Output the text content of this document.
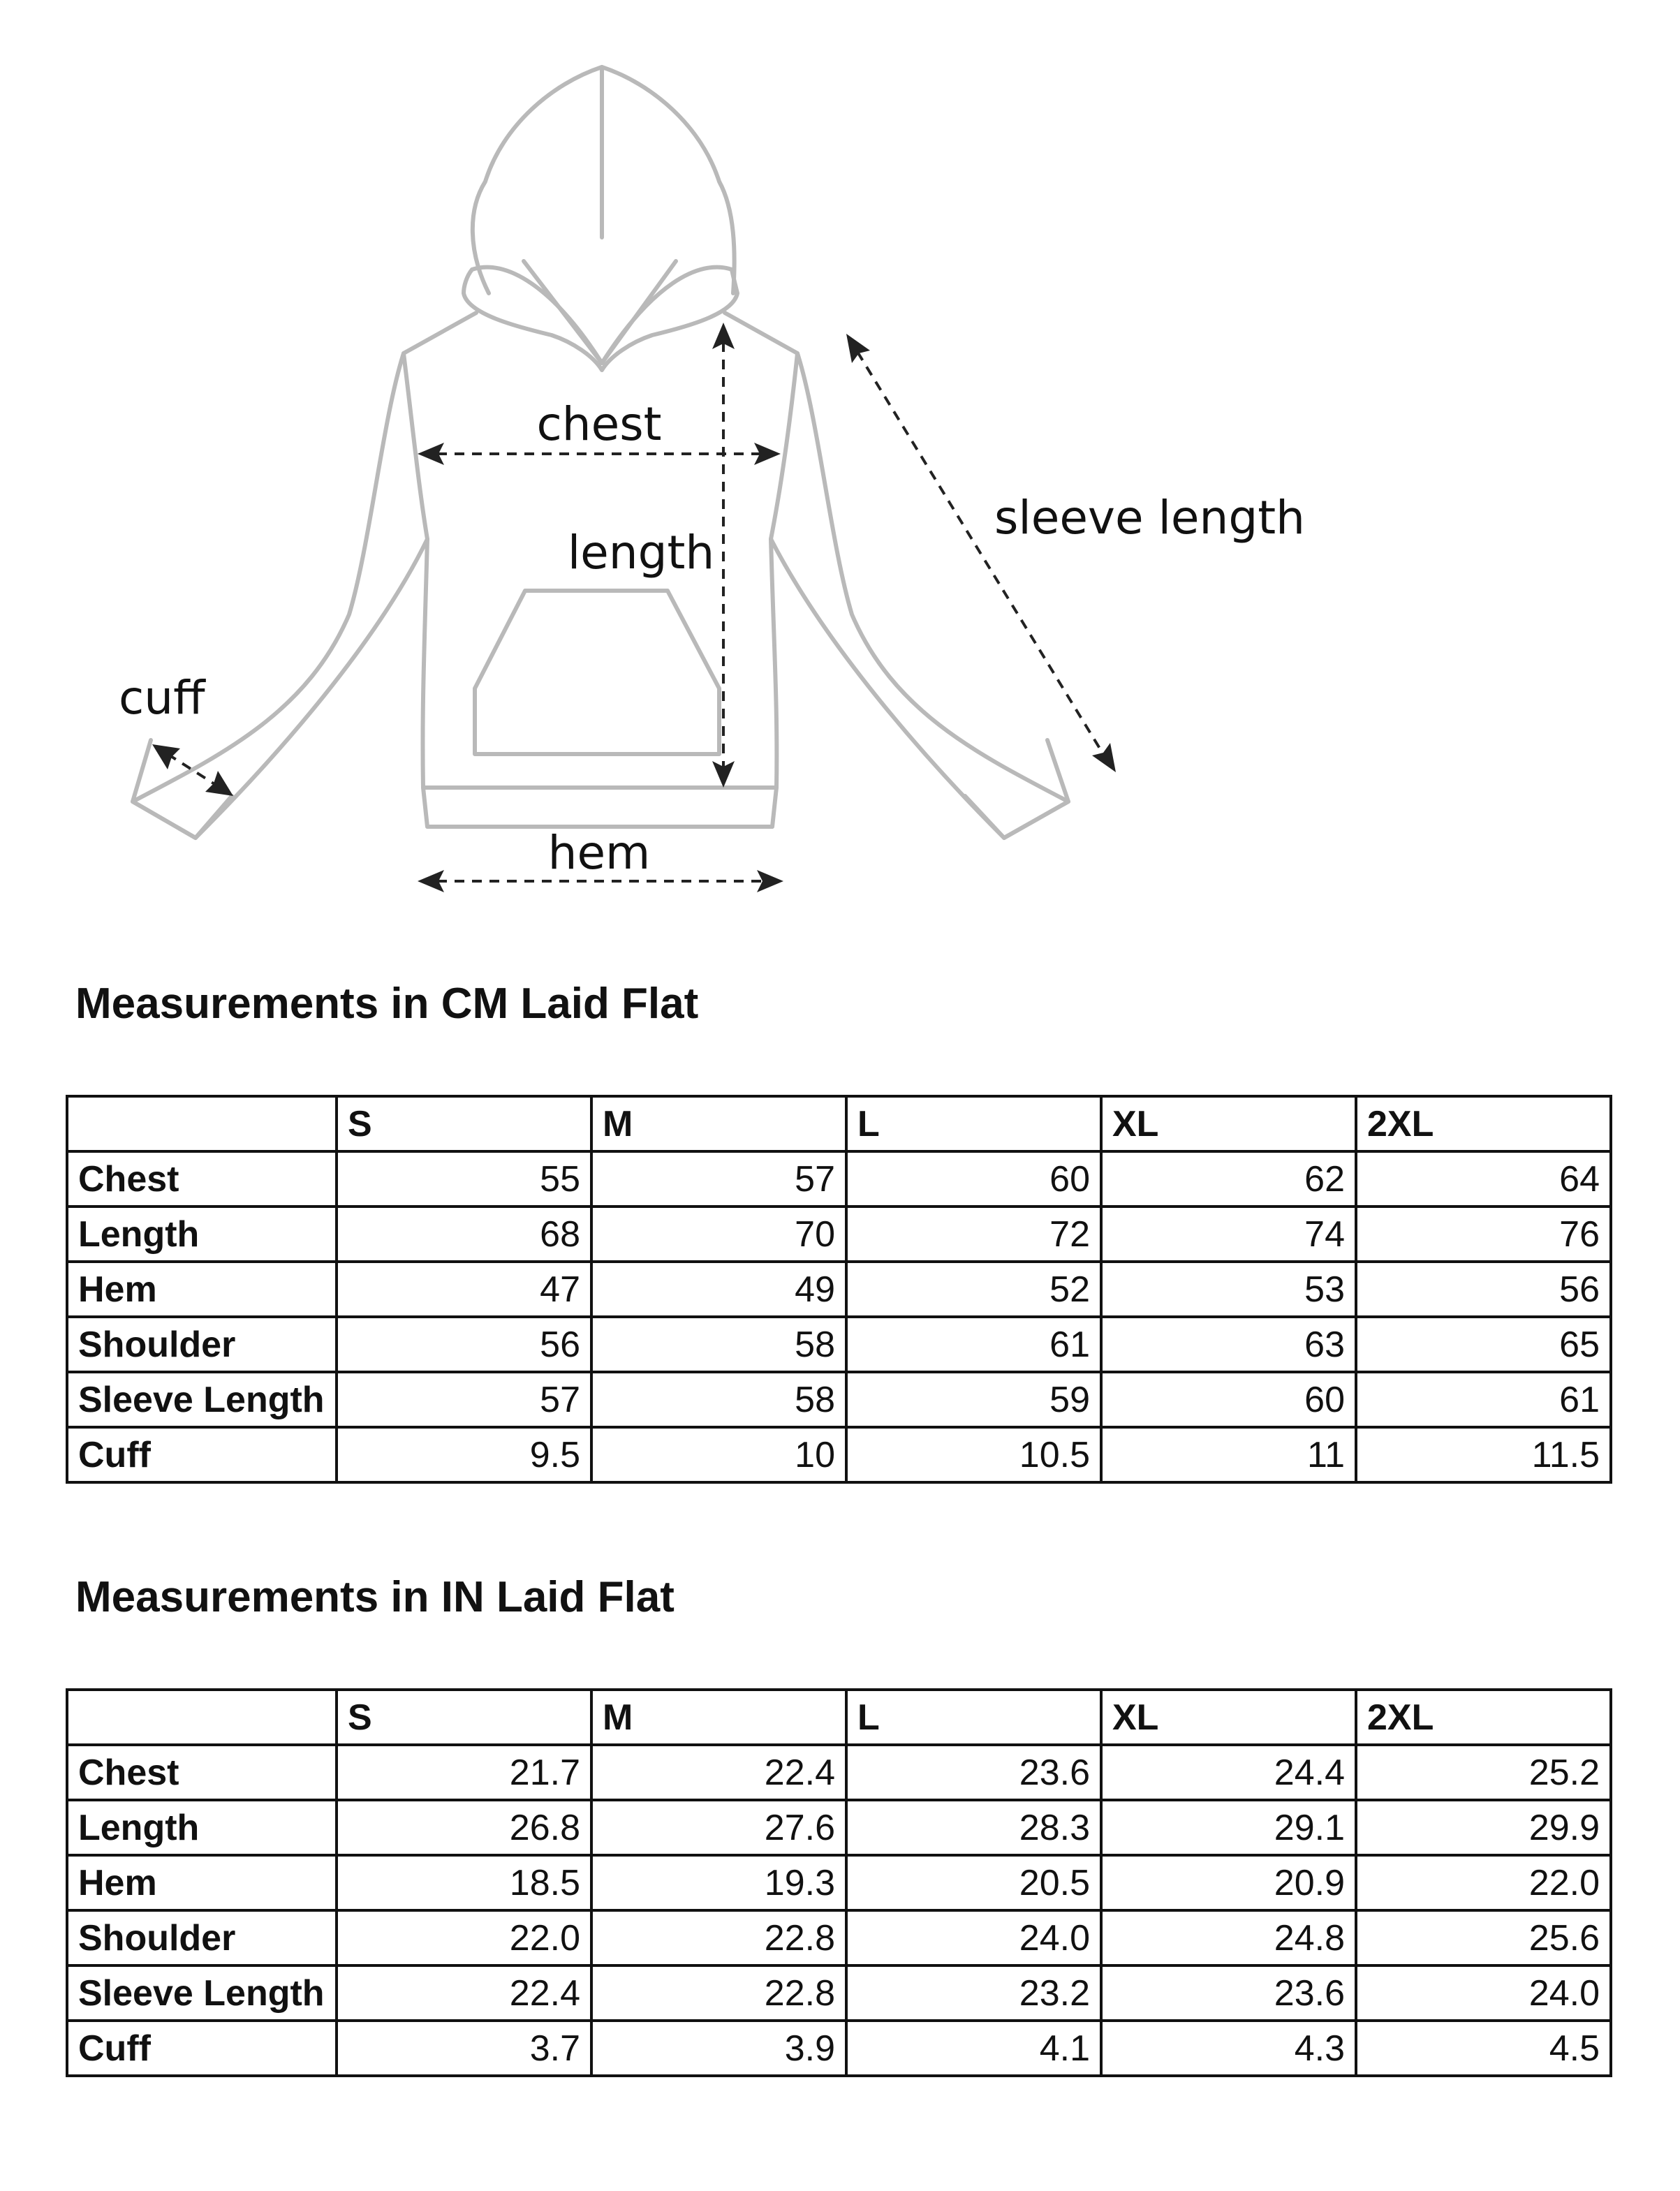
chest
length
sleeve length
cuff
hem
Measurements in CM Laid Flat
	S	M	L	XL	2XL
Chest	55	57	60	62	64
Length	68	70	72	74	76
Hem	47	49	52	53	56
Shoulder	56	58	61	63	65
Sleeve Length	57	58	59	60	61
Cuff	9.5	10	10.5	11	11.5
Measurements in IN Laid Flat
	S	M	L	XL	2XL
Chest	21.7	22.4	23.6	24.4	25.2
Length	26.8	27.6	28.3	29.1	29.9
Hem	18.5	19.3	20.5	20.9	22.0
Shoulder	22.0	22.8	24.0	24.8	25.6
Sleeve Length	22.4	22.8	23.2	23.6	24.0
Cuff	3.7	3.9	4.1	4.3	4.5
